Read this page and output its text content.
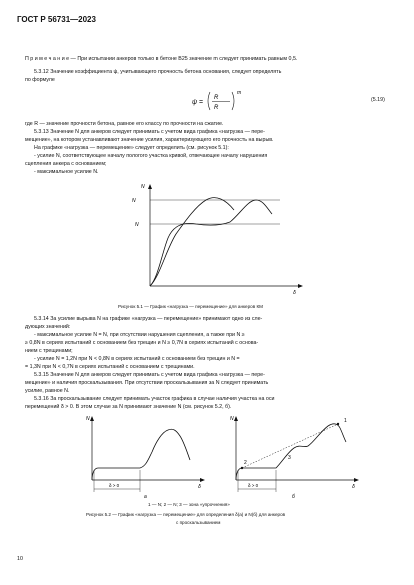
ГОСТ Р 56731—2023
П р и м е ч а н и е — При испытании анкеров только в бетоне В25 значение m следует принимать равным 0,5.
5.3.12 Значение коэффициента ψ, учитывающего прочность бетона основания, следует определять
по формуле
ψ =
R
R
m
(5.19)
где R — значение прочности бетона, равное его классу по прочности на сжатие.
5.3.13 Значение N для анкеров следует принимать с учетом вида графика «нагрузка — пере-
мещение», на котором устанавливают значение усилия, характеризующего его прочность на вырыв.
На графике «нагрузка — перемещение» следует определить (см. рисунок 5.1):
- усилие N, соответствующее началу пологого участка кривой, отвечающее началу нарушения
сцепления анкера с основанием;
- максимальное усилие N.
N
N
N
δ
Рисунок 5.1 — График «нагрузка — перемещение» для анкеров КМ
5.3.14 За усилие вырыва N на графике «нагрузка — перемещение» принимают одно из сле-
дующих значений:
- максимальное усилие N = N, при отсутствии нарушения сцепления, а также при N ≥
≥ 0,8N в сериях испытаний с основанием без трещин и N ≥ 0,7N в сериях испытаний с основа-
нием с трещинами;
- усилие N = 1,2N при N < 0,8N в сериях испытаний с основанием без трещин и N =
= 1,3N при N < 0,7N в сериях испытаний с основанием с трещинами.
5.3.15 Значение N для анкеров следует принимать с учетом вида графика «нагрузка — пере-
мещение» и наличия проскальзывания. При отсутствии проскальзывания за N следует принимать
усилие, равное N.
5.3.16 За проскальзывание следует принимать участок графика в случае наличия участка на оси
перемещений δ > 0. В этом случае за N принимают значение N (см. рисунок 5.2, б).
N
δ
δ > 0
a
N
δ
δ > 0
1
2
3
б
1 — N; 2 — N; 3 — зона «упрочнения»
Рисунок 5.2 — График «нагрузка — перемещение» для определения δ(а) и N(б) для анкеров
с проскальзыванием
10
